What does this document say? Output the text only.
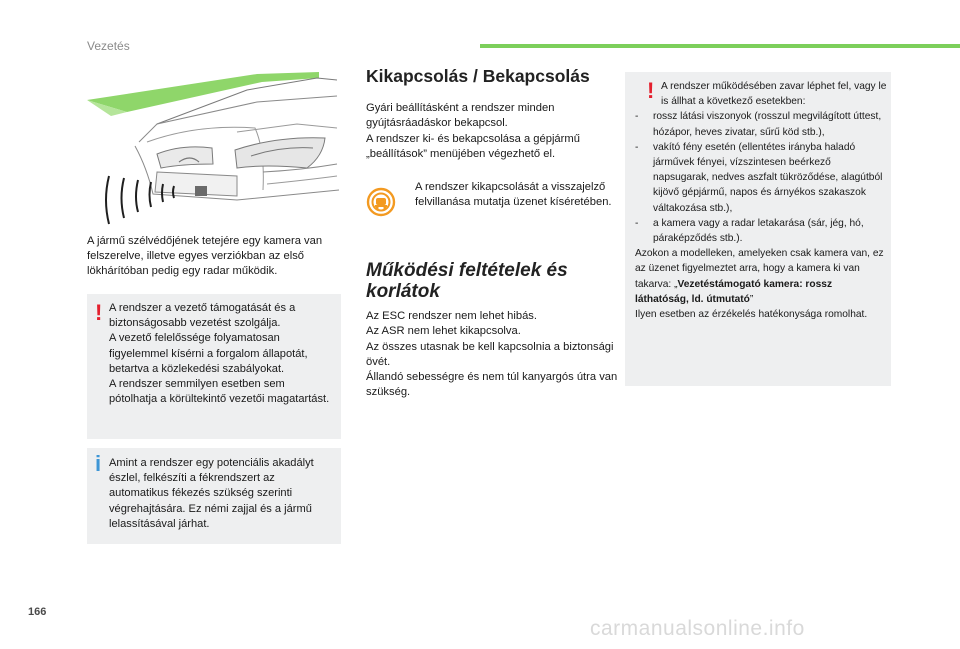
Vezetés

A jármű szélvédőjének tetejére egy kamera van felszerelve, illetve egyes verziókban az első lökhárítóban pedig egy radar működik.

! A rendszer a vezető támogatását és a biztonságosabb vezetést szolgálja.
A vezető felelőssége folyamatosan figyelemmel kísérni a forgalom állapotát, betartva a közlekedési szabályokat.
A rendszer semmilyen esetben sem pótolhatja a körültekintő vezetői magatartást.

i Amint a rendszer egy potenciális akadályt észlel, felkészíti a fékrendszert az automatikus fékezés szükség szerinti végrehajtására. Ez némi zajjal és a jármű lelassításával járhat.

Kikapcsolás / Bekapcsolás

Gyári beállításként a rendszer minden gyújtásráadáskor bekapcsol.
A rendszer ki- és bekapcsolása a gépjármű „beállítások” menüjében végezhető el.

A rendszer kikapcsolását a visszajelző felvillanása mutatja üzenet kíséretében.

Működési feltételek és korlátok

Az ESC rendszer nem lehet hibás.
Az ASR nem lehet kikapcsolva.
Az összes utasnak be kell kapcsolnia a biztonsági övét.
Állandó sebességre és nem túl kanyargós útra van szükség.

! A rendszer működésében zavar léphet fel, vagy le is állhat a következő esetekben:

-	rossz látási viszonyok (rosszul megvilágított úttest, hózápor, heves zivatar, sűrű köd stb.),
-	vakító fény esetén (ellentétes irányba haladó járművek fényei, vízszintesen beérkező napsugarak, nedves aszfalt tükröződése, alagútból kijövő gépjármű, napos és árnyékos szakaszok váltakozása stb.),
-	a kamera vagy a radar letakarása (sár, jég, hó, páraképződés stb.).

Azokon a modelleken, amelyeken csak kamera van, ez az üzenet figyelmeztet arra, hogy a kamera ki van takarva: „Vezetéstámogató kamera: rossz láthatóság, ld. útmutató”

Ilyen esetben az érzékelés hatékonysága romolhat.

166
carmanualsonline.info
